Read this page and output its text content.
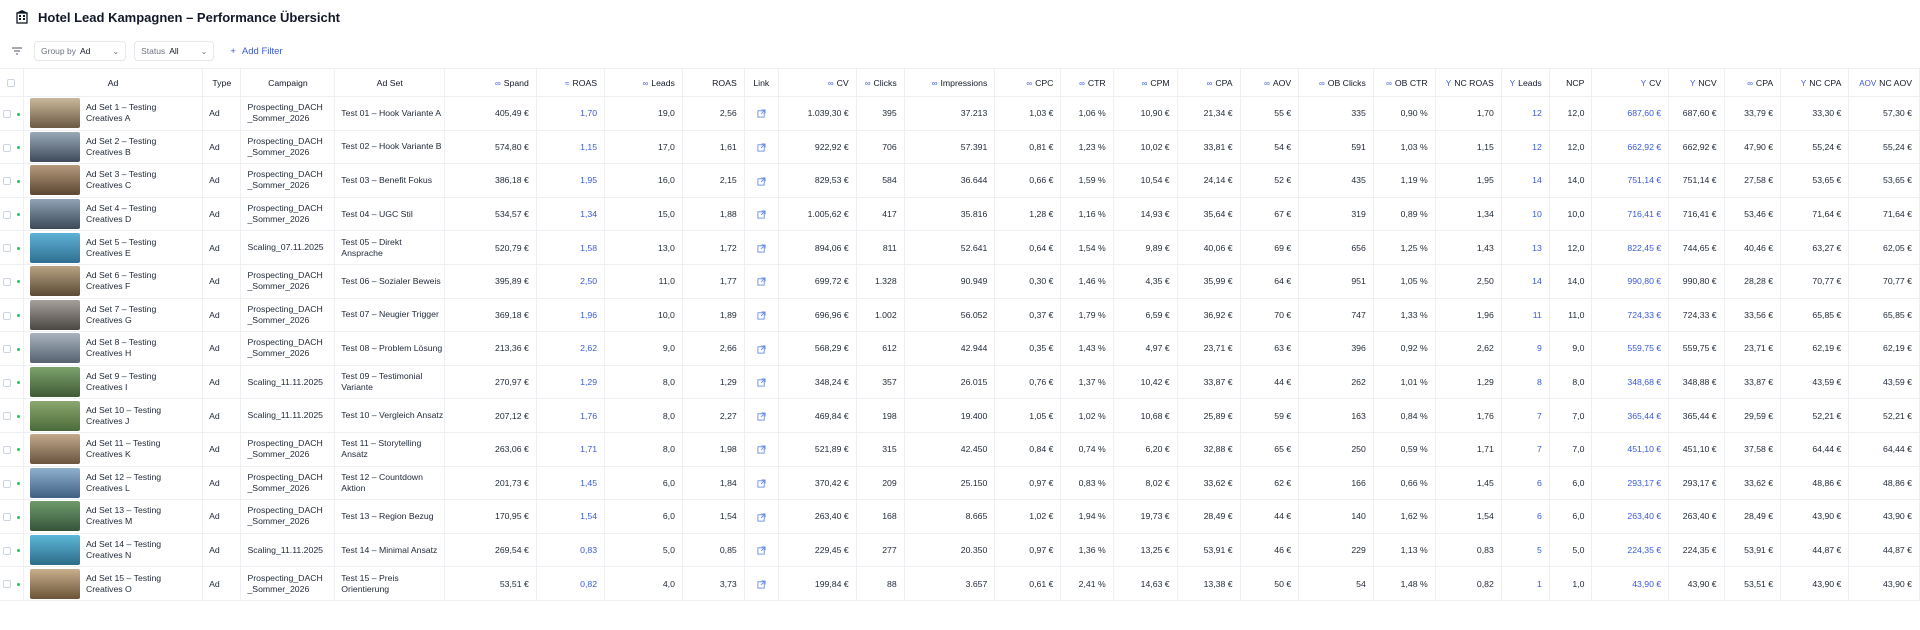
Hotel Lead Kampagnen – Performance Übersicht
Group by Ad	⌄	Status All	⌄ + Add Filter
	Ad	Type	Campaign	Ad Set	∞ Spand	≈ ROAS	∞ Leads	ROAS	Link	∞ CV	∞ Clicks	∞ Impressions	∞ CPC	∞ CTR	∞ CPM	∞ CPA	∞ AOV	∞ OB Clicks	∞ OB CTR	Y NC ROAS	Y Leads	NCP	Y CV	Y NCV	∞ CPA	Y NC CPA	AOV NC AOV

	Ad Set 1 – Testing Creatives A	Ad	Prospecting_DACH _Sommer_2026	Test 01 – Hook Variante A	405,49 €	1,70	19,0	2,56		1.039,30 €	395	37.213	1,03 €	1,06 %	10,90 €	21,34 €	55 €	335	0,90 %	1,70	12	12,0	687,60 €	687,60 €	33,79 €	33,30 €	57,30 €

	Ad Set 2 – Testing Creatives B	Ad	Prospecting_DACH _Sommer_2026	Test 02 – Hook Variante B	574,80 €	1,15	17,0	1,61		922,92 €	706	57.391	0,81 €	1,23 %	10,02 €	33,81 €	54 €	591	1,03 %	1,15	12	12,0	662,92 €	662,92 €	47,90 €	55,24 €	55,24 €

	Ad Set 3 – Testing Creatives C	Ad	Prospecting_DACH _Sommer_2026	Test 03 – Benefit Fokus	386,18 €	1,95	16,0	2,15		829,53 €	584	36.644	0,66 €	1,59 %	10,54 €	24,14 €	52 €	435	1,19 %	1,95	14	14,0	751,14 €	751,14 €	27,58 €	53,65 €	53,65 €

	Ad Set 4 – Testing Creatives D	Ad	Prospecting_DACH _Sommer_2026	Test 04 – UGC Stil	534,57 €	1,34	15,0	1,88		1.005,62 €	417	35.816	1,28 €	1,16 %	14,93 €	35,64 €	67 €	319	0,89 %	1,34	10	10,0	716,41 €	716,41 €	53,46 €	71,64 €	71,64 €

	Ad Set 5 – Testing Creatives E	Ad	Scaling_07.11.2025	Test 05 – Direkt Ansprache	520,79 €	1,58	13,0	1,72		894,06 €	811	52.641	0,64 €	1,54 %	9,89 €	40,06 €	69 €	656	1,25 %	1,43	13	12,0	822,45 €	744,65 €	40,46 €	63,27 €	62,05 €

	Ad Set 6 – Testing Creatives F	Ad	Prospecting_DACH _Sommer_2026	Test 06 – Sozialer Beweis	395,89 €	2,50	11,0	1,77		699,72 €	1.328	90.949	0,30 €	1,46 %	4,35 €	35,99 €	64 €	951	1,05 %	2,50	14	14,0	990,80 €	990,80 €	28,28 €	70,77 €	70,77 €

	Ad Set 7 – Testing Creatives G	Ad	Prospecting_DACH _Sommer_2026	Test 07 – Neugier Trigger	369,18 €	1,96	10,0	1,89		696,96 €	1.002	56.052	0,37 €	1,79 %	6,59 €	36,92 €	70 €	747	1,33 %	1,96	11	11,0	724,33 €	724,33 €	33,56 €	65,85 €	65,85 €

	Ad Set 8 – Testing Creatives H	Ad	Prospecting_DACH _Sommer_2026	Test 08 – Problem Lösung	213,36 €	2,62	9,0	2,66		568,29 €	612	42.944	0,35 €	1,43 %	4,97 €	23,71 €	63 €	396	0,92 %	2,62	9	9,0	559,75 €	559,75 €	23,71 €	62,19 €	62,19 €

	Ad Set 9 – Testing Creatives I	Ad	Scaling_11.11.2025	Test 09 – Testimonial Variante	270,97 €	1,29	8,0	1,29		348,24 €	357	26.015	0,76 €	1,37 %	10,42 €	33,87 €	44 €	262	1,01 %	1,29	8	8,0	348,68 €	348,88 €	33,87 €	43,59 €	43,59 €

	Ad Set 10 – Testing Creatives J	Ad	Scaling_11.11.2025	Test 10 – Vergleich Ansatz	207,12 €	1,76	8,0	2,27		469,84 €	198	19.400	1,05 €	1,02 %	10,68 €	25,89 €	59 €	163	0,84 %	1,76	7	7,0	365,44 €	365,44 €	29,59 €	52,21 €	52,21 €

	Ad Set 11 – Testing Creatives K	Ad	Prospecting_DACH _Sommer_2026	Test 11 – Storytelling Ansatz	263,06 €	1,71	8,0	1,98		521,89 €	315	42.450	0,84 €	0,74 %	6,20 €	32,88 €	65 €	250	0,59 %	1,71	7	7,0	451,10 €	451,10 €	37,58 €	64,44 €	64,44 €

	Ad Set 12 – Testing Creatives L	Ad	Prospecting_DACH _Sommer_2026	Test 12 – Countdown Aktion	201,73 €	1,45	6,0	1,84		370,42 €	209	25.150	0,97 €	0,83 %	8,02 €	33,62 €	62 €	166	0,66 %	1,45	6	6,0	293,17 €	293,17 €	33,62 €	48,86 €	48,86 €

	Ad Set 13 – Testing Creatives M	Ad	Prospecting_DACH _Sommer_2026	Test 13 – Region Bezug	170,95 €	1,54	6,0	1,54		263,40 €	168	8.665	1,02 €	1,94 %	19,73 €	28,49 €	44 €	140	1,62 %	1,54	6	6,0	263,40 €	263,40 €	28,49 €	43,90 €	43,90 €

	Ad Set 14 – Testing Creatives N	Ad	Scaling_11.11.2025	Test 14 – Minimal Ansatz	269,54 €	0,83	5,0	0,85		229,45 €	277	20.350	0,97 €	1,36 %	13,25 €	53,91 €	46 €	229	1,13 %	0,83	5	5,0	224,35 €	224,35 €	53,91 €	44,87 €	44,87 €

	Ad Set 15 – Testing Creatives O	Ad	Prospecting_DACH _Sommer_2026	Test 15 – Preis Orientierung	53,51 €	0,82	4,0	3,73		199,84 €	88	3.657	0,61 €	2,41 %	14,63 €	13,38 €	50 €	54	1,48 %	0,82	1	1,0	43,90 €	43,90 €	53,51 €	43,90 €	43,90 €
